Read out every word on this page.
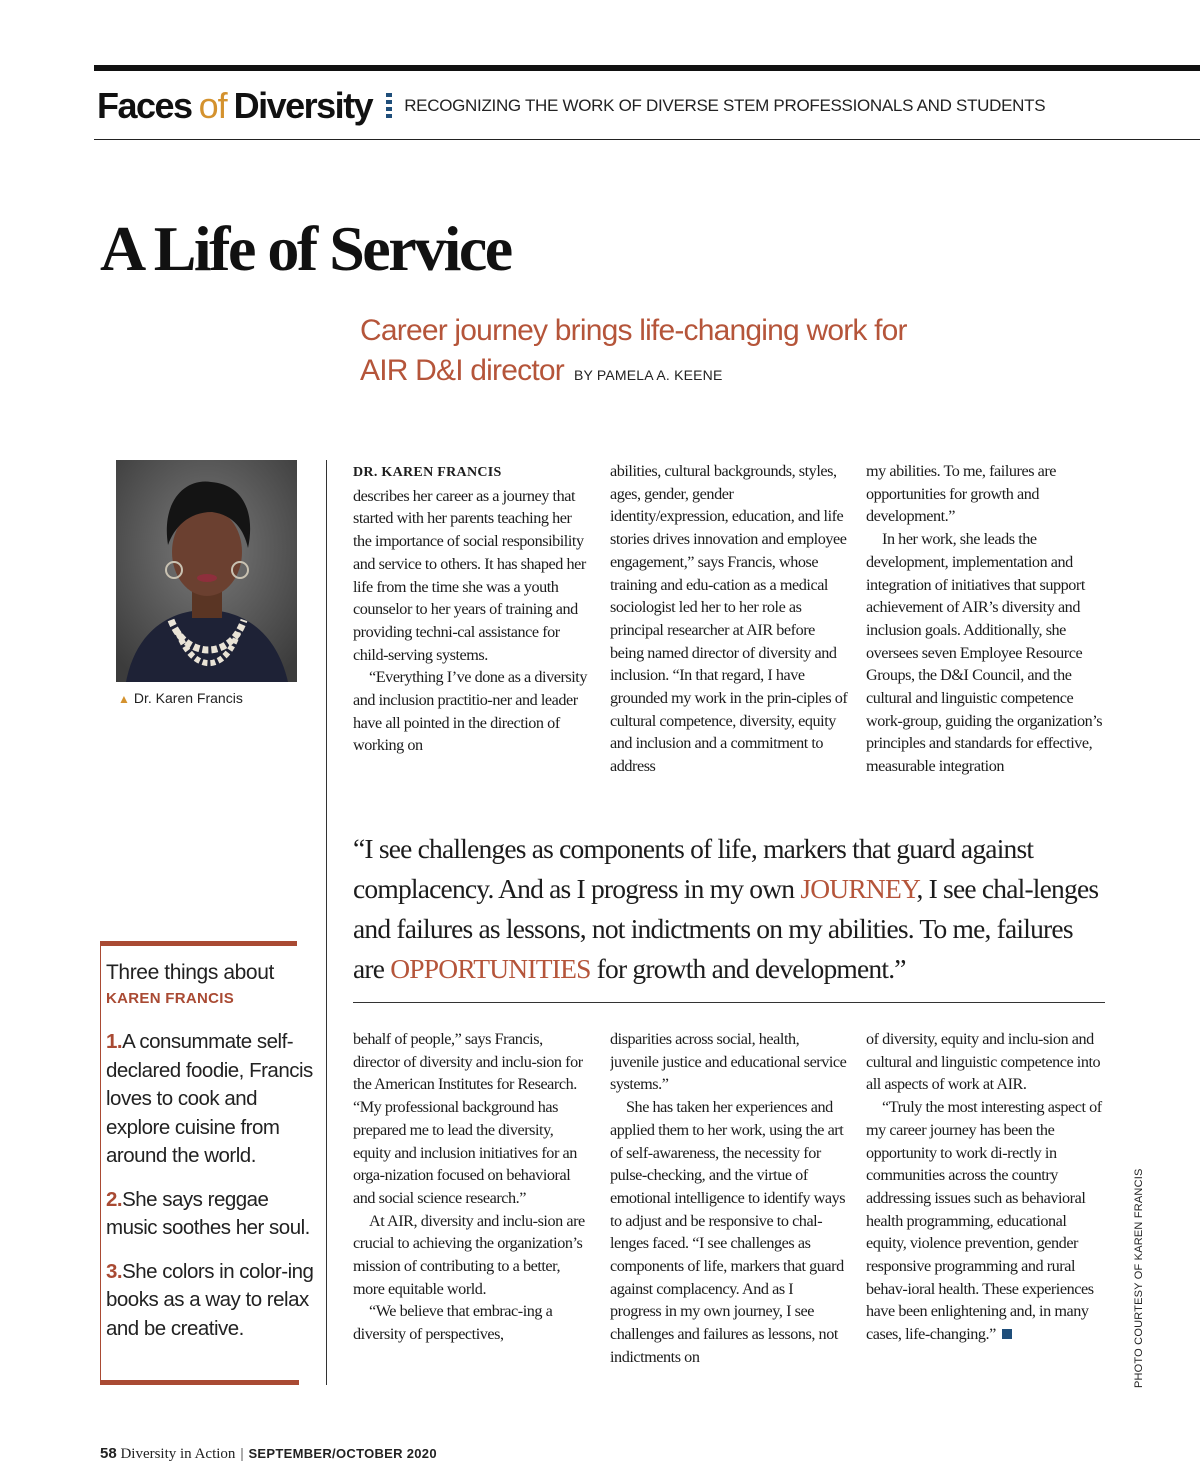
Faces of Diversity RECOGNIZING THE WORK OF DIVERSE STEM PROFESSIONALS AND STUDENTS
A Life of Service
Career journey brings life-changing work for AIR D&I director BY PAMELA A. KEENE
▲ Dr. Karen Francis

DR. KAREN FRANCIS
describes her career as a journey that started with her parents teaching her the importance of social responsibility and service to others. It has shaped her life from the time she was a youth counselor to her years of training and providing techni-cal assistance for child-serving systems.

“Everything I’ve done as a diversity and inclusion practitio-ner and leader have all pointed in the direction of working on

abilities, cultural backgrounds, styles, ages, gender, gender identity/expression, education, and life stories drives innovation and employee engagement,” says Francis, whose training and edu-cation as a medical sociologist led her to her role as principal researcher at AIR before being named director of diversity and inclusion. “In that regard, I have grounded my work in the prin-ciples of cultural competence, diversity, equity and inclusion and a commitment to address

my abilities. To me, failures are opportunities for growth and development.”

In her work, she leads the development, implementation and integration of initiatives that support achievement of AIR’s diversity and inclusion goals. Additionally, she oversees seven Employee Resource Groups, the D&I Council, and the cultural and linguistic competence work-group, guiding the organization’s principles and standards for effective, measurable integration

“I see challenges as components of life, markers that guard against complacency. And as I progress in my own JOURNEY, I see chal-lenges and failures as lessons, not indictments on my abilities. To me, failures are OPPORTUNITIES for growth and development.”

behalf of people,” says Francis, director of diversity and inclu-sion for the American Institutes for Research. “My professional background has prepared me to lead the diversity, equity and inclusion initiatives for an orga-nization focused on behavioral and social science research.”

At AIR, diversity and inclu-sion are crucial to achieving the organization’s mission of contributing to a better, more equitable world.

“We believe that embrac-ing a diversity of perspectives,

disparities across social, health, juvenile justice and educational service systems.”

She has taken her experiences and applied them to her work, using the art of self-awareness, the necessity for pulse-checking, and the virtue of emotional intelligence to identify ways to adjust and be responsive to chal-lenges faced. “I see challenges as components of life, markers that guard against complacency. And as I progress in my own journey, I see challenges and failures as lessons, not indictments on

of diversity, equity and inclu-sion and cultural and linguistic competence into all aspects of work at AIR.

“Truly the most interesting aspect of my career journey has been the opportunity to work di-rectly in communities across the country addressing issues such as behavioral health programming, educational equity, violence prevention, gender responsive programming and rural behav-ioral health. These experiences have been enlightening and, in many cases, life-changing.”

Three things about
KAREN FRANCIS
1.A consummate self-declared foodie, Francis loves to cook and explore cuisine from around the world.
2.She says reggae music soothes her soul.
3.She colors in color-ing books as a way to relax and be creative.	PHOTO COURTESY OF KAREN FRANCIS
58 Diversity in Action | SEPTEMBER/OCTOBER 2020
